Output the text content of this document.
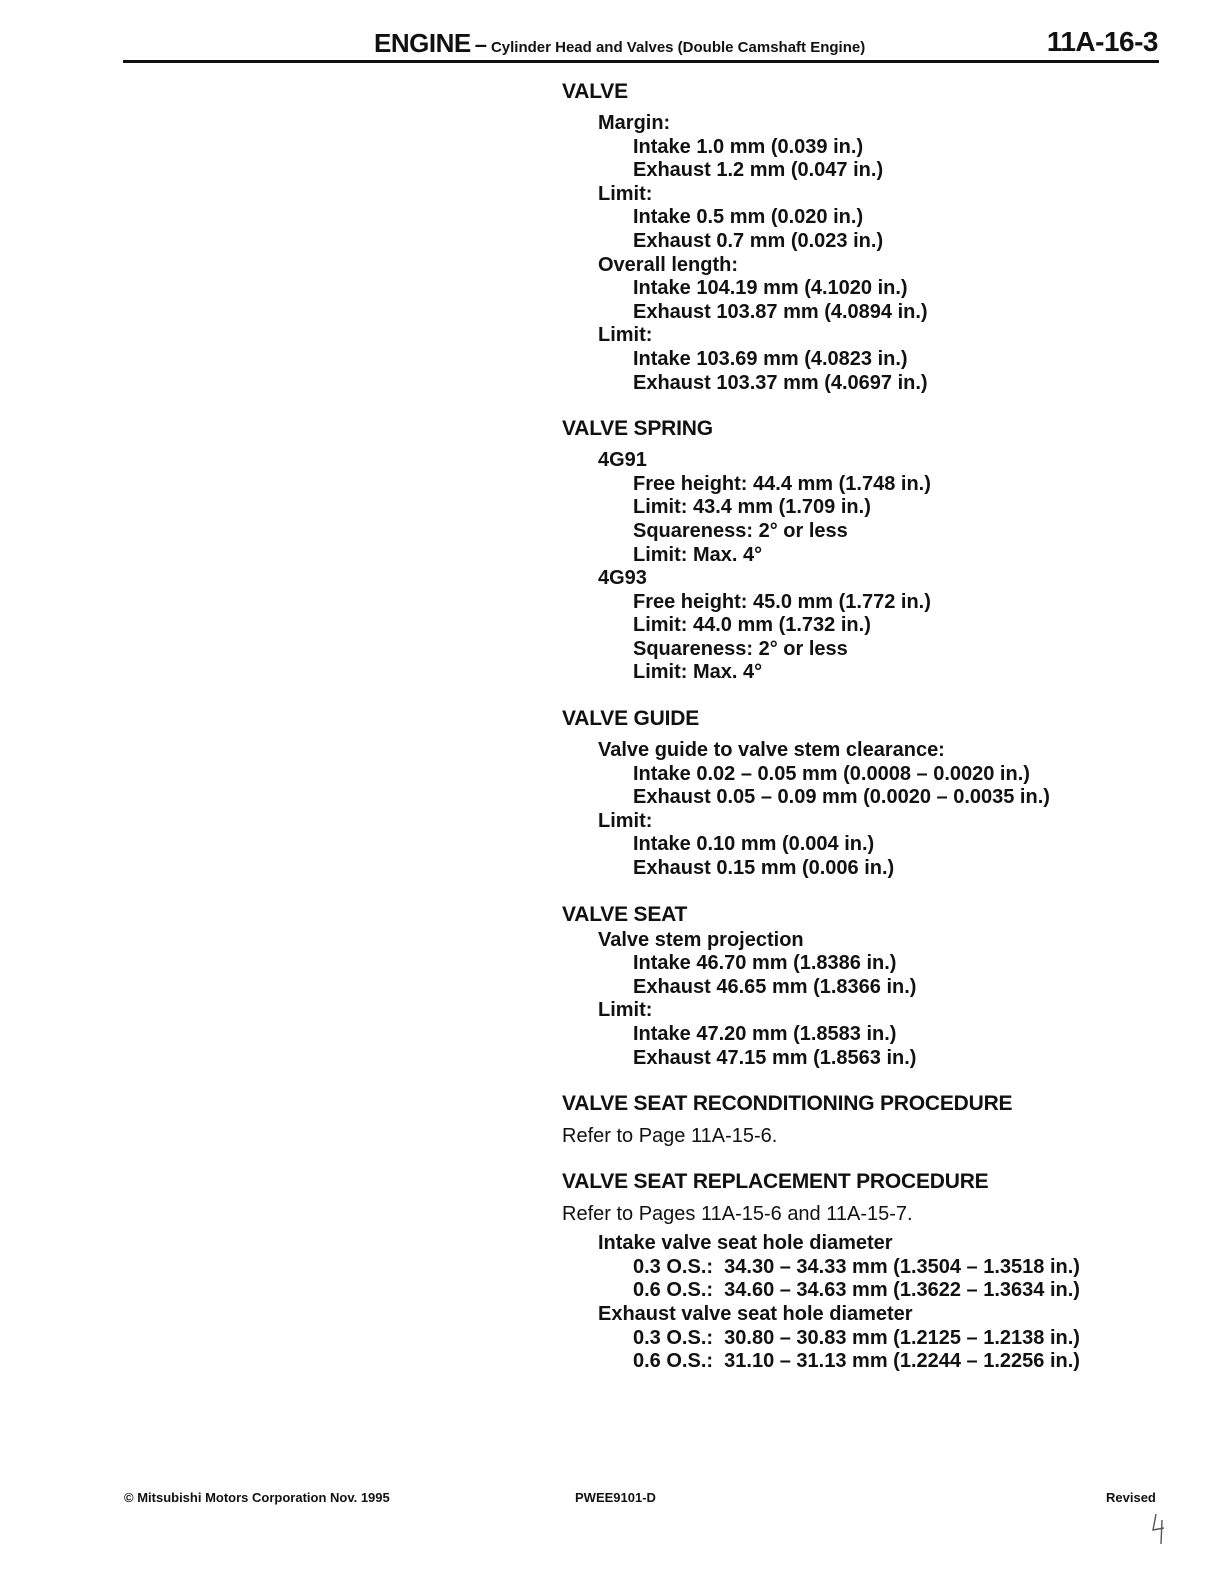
ENGINE – Cylinder Head and Valves (Double Camshaft Engine)	11A-16-3
VALVE
Margin:
Intake 1.0 mm (0.039 in.)
Exhaust 1.2 mm (0.047 in.)
Limit:
Intake 0.5 mm (0.020 in.)
Exhaust 0.7 mm (0.023 in.)
Overall length:
Intake 104.19 mm (4.1020 in.)
Exhaust 103.87 mm (4.0894 in.)
Limit:
Intake 103.69 mm (4.0823 in.)
Exhaust 103.37 mm (4.0697 in.)
VALVE SPRING
4G91
Free height: 44.4 mm (1.748 in.)
Limit: 43.4 mm (1.709 in.)
Squareness: 2° or less
Limit: Max. 4°
4G93
Free height: 45.0 mm (1.772 in.)
Limit: 44.0 mm (1.732 in.)
Squareness: 2° or less
Limit: Max. 4°
VALVE GUIDE
Valve guide to valve stem clearance:
Intake 0.02 – 0.05 mm (0.0008 – 0.0020 in.)
Exhaust 0.05 – 0.09 mm (0.0020 – 0.0035 in.)
Limit:
Intake 0.10 mm (0.004 in.)
Exhaust 0.15 mm (0.006 in.)
VALVE SEAT
Valve stem projection
Intake 46.70 mm (1.8386 in.)
Exhaust 46.65 mm (1.8366 in.)
Limit:
Intake 47.20 mm (1.8583 in.)
Exhaust 47.15 mm (1.8563 in.)
VALVE SEAT RECONDITIONING PROCEDURE
Refer to Page 11A-15-6.
VALVE SEAT REPLACEMENT PROCEDURE
Refer to Pages 11A-15-6 and 11A-15-7.
Intake valve seat hole diameter
0.3 O.S.:  34.30 – 34.33 mm (1.3504 – 1.3518 in.)
0.6 O.S.:  34.60 – 34.63 mm (1.3622 – 1.3634 in.)
Exhaust valve seat hole diameter
0.3 O.S.:  30.80 – 30.83 mm (1.2125 – 1.2138 in.)
0.6 O.S.:  31.10 – 31.13 mm (1.2244 – 1.2256 in.)
© Mitsubishi Motors Corporation Nov. 1995	PWEE9101-D	Revised
